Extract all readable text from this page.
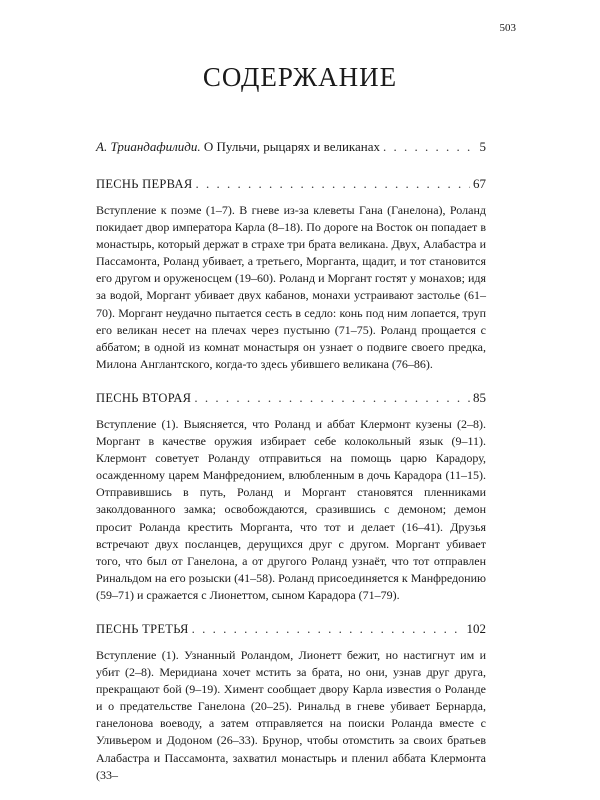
503
СОДЕРЖАНИЕ
А. Триандафилиди. О Пульчи, рыцарях и великанах . . .	5
ПЕСНЬ ПЕРВАЯ . . .	67
Вступление к поэме (1–7). В гневе из-за клеветы Гана (Ганелона), Роланд покидает двор императора Карла (8–18). По дороге на Восток он попадает в монастырь, который держат в страхе три брата великана. Двух, Алабастра и Пассамонта, Роланд убивает, а третьего, Морганта, щадит, и тот становится его другом и оруженосцем (19–60). Роланд и Моргант гостят у монахов; идя за водой, Моргант убивает двух кабанов, монахи устраивают застолье (61–70). Моргант неудачно пытается сесть в седло: конь под ним лопается, труп его великан несет на плечах через пустыню (71–75). Роланд прощается с аббатом; в одной из комнат монастыря он узнает о подвиге своего предка, Милона Англантского, когда-то здесь убившего великана (76–86).
ПЕСНЬ ВТОРАЯ . . .	85
Вступление (1). Выясняется, что Роланд и аббат Клермонт кузены (2–8). Моргант в качестве оружия избирает себе колокольный язык (9–11). Клермонт советует Роланду отправиться на помощь царю Карадору, осажденному царем Манфредонием, влюбленным в дочь Карадора (11–15). Отправившись в путь, Роланд и Моргант становятся пленниками заколдованного замка; освобождаются, сразившись с демоном; демон просит Роланда крестить Морганта, что тот и делает (16–41). Друзья встречают двух посланцев, дерущихся друг с другом. Моргант убивает того, что был от Ганелона, а от другого Роланд узнаёт, что тот отправлен Ринальдом на его розыски (41–58). Роланд присоединяется к Манфредонию (59–71) и сражается с Лионеттом, сыном Карадора (71–79).
ПЕСНЬ ТРЕТЬЯ . . .	102
Вступление (1). Узнанный Роландом, Лионетт бежит, но настигнут им и убит (2–8). Меридиана хочет мстить за брата, но они, узнав друг друга, прекращают бой (9–19). Химент сообщает двору Карла известия о Роланде и о предательстве Ганелона (20–25). Ринальд в гневе убивает Бернарда, ганелонова воеводу, а затем отправляется на поиски Роланда вместе с Уливьером и Додоном (26–33). Брунор, чтобы отомстить за своих братьев Алабастра и Пассамонта, захватил монастырь и пленил аббата Клермонта (33–
